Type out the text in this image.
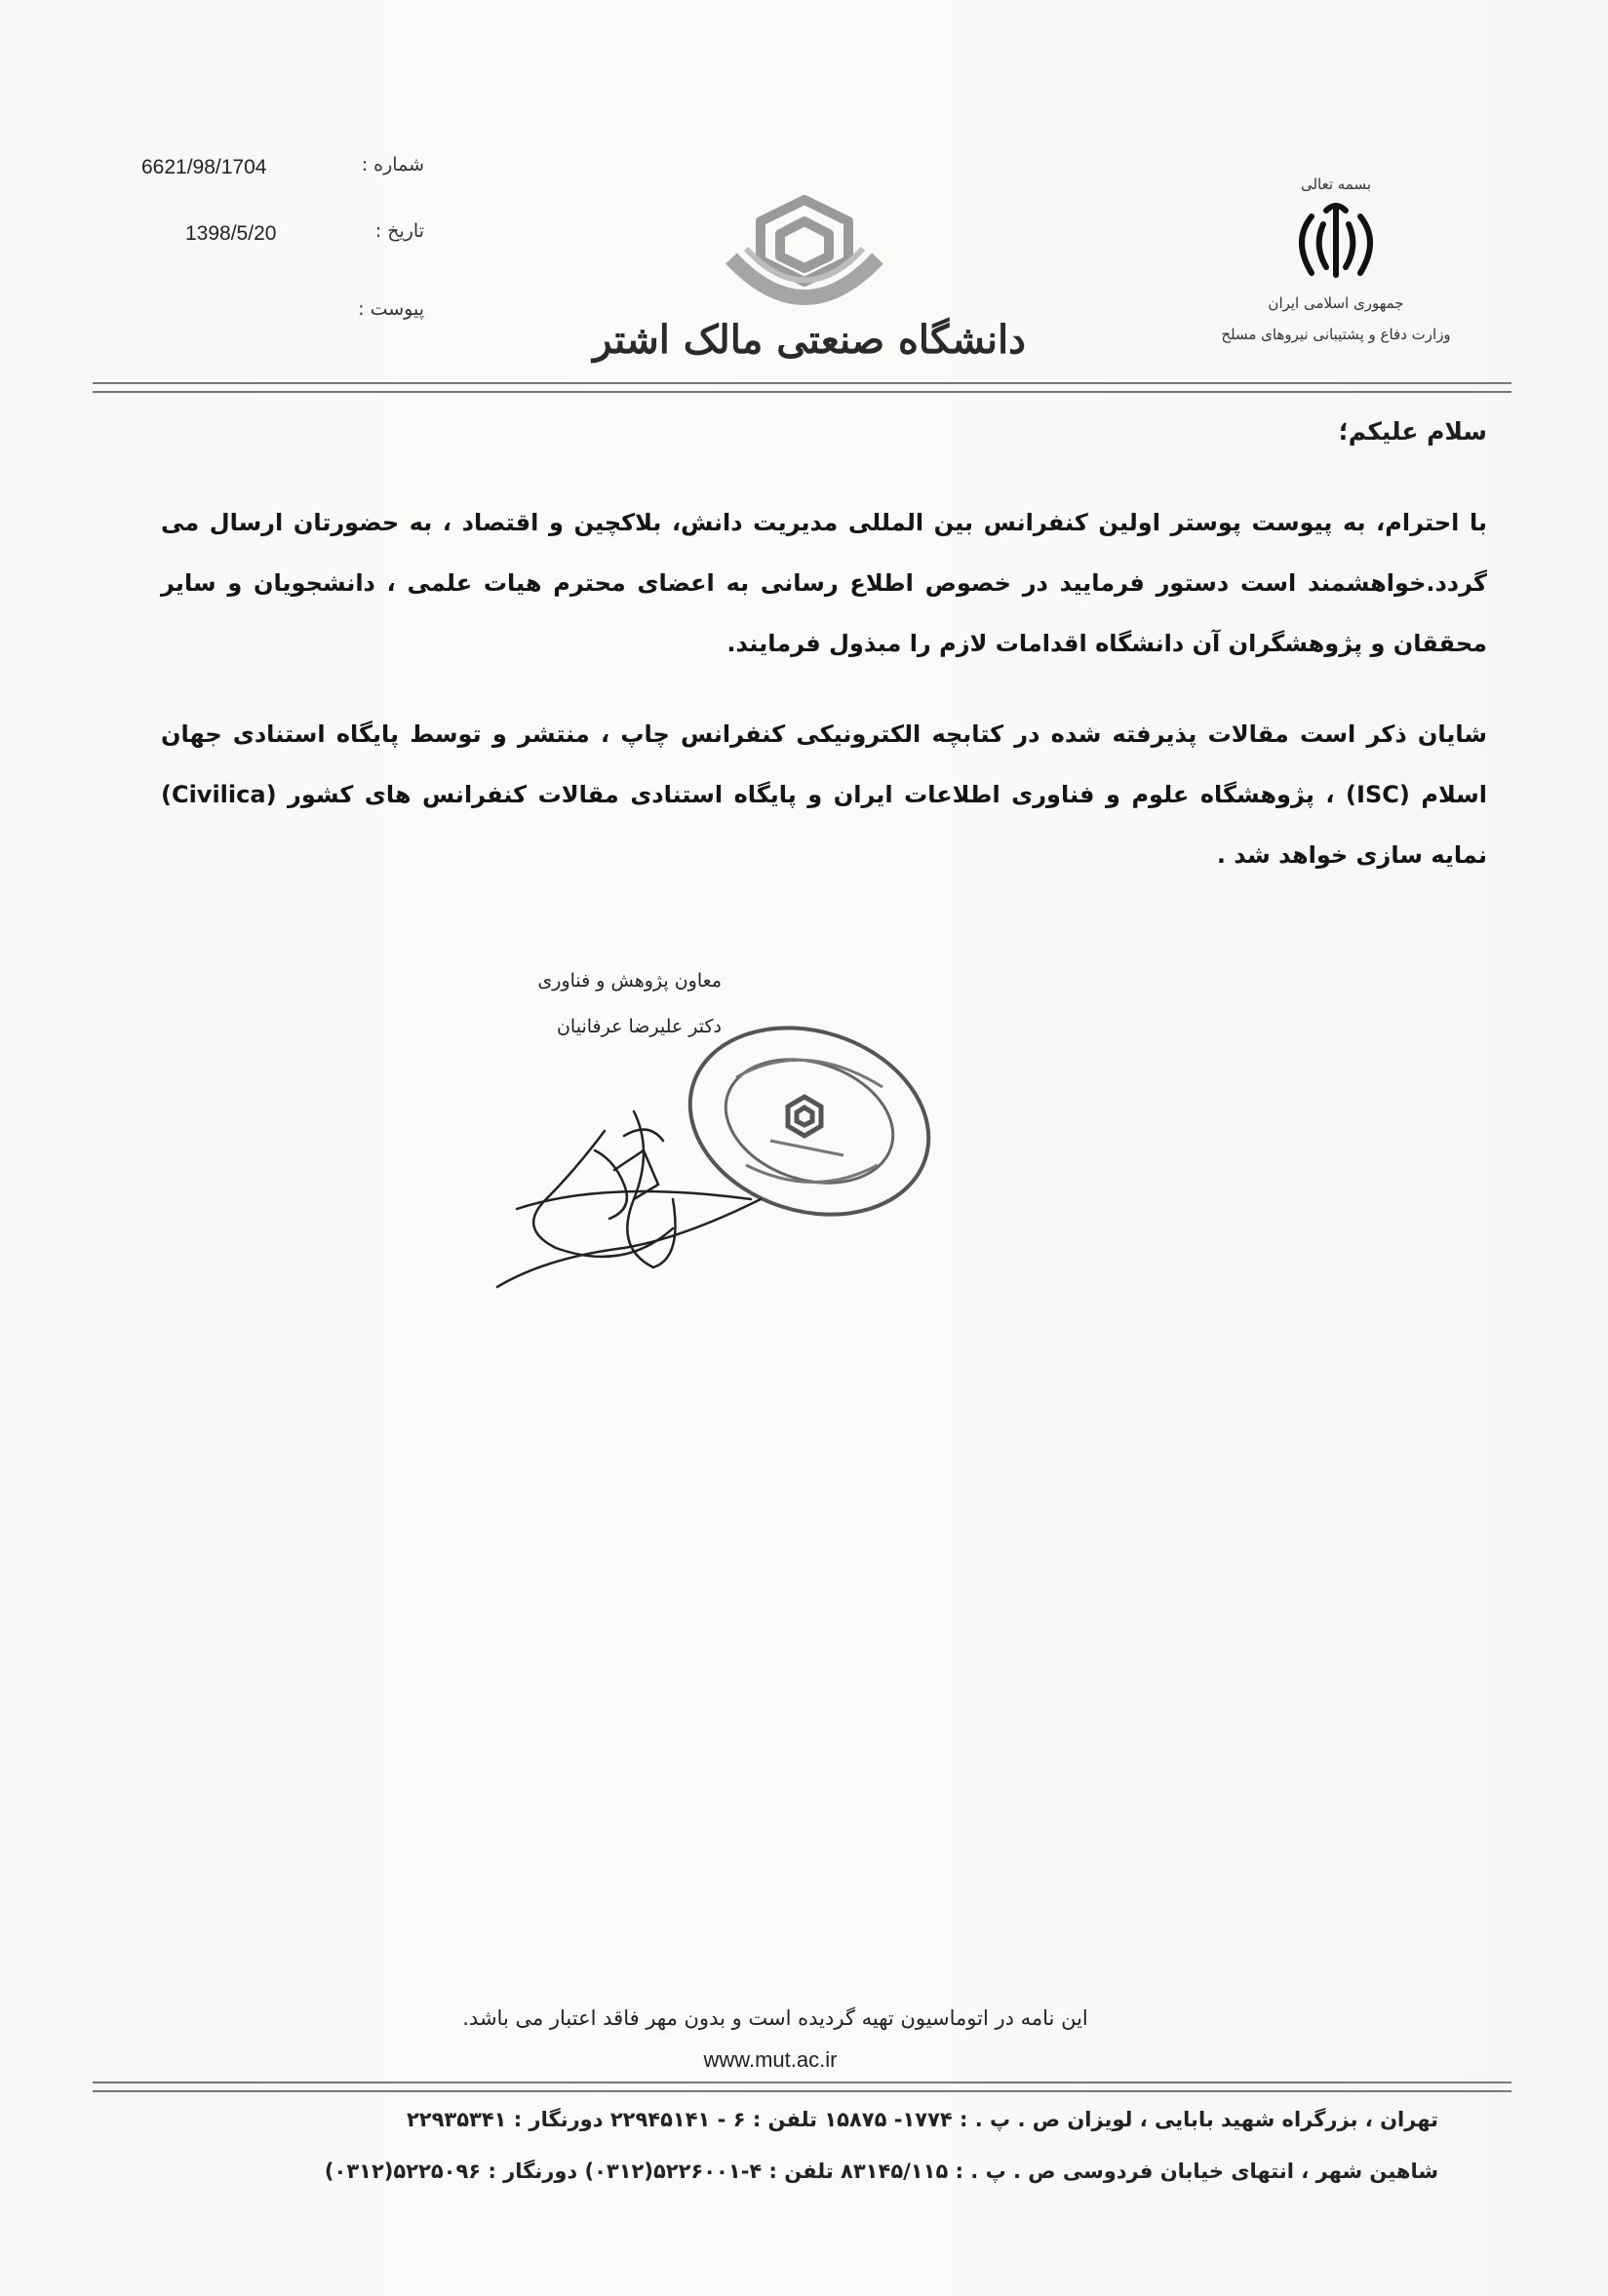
شماره :
6621/98/1704
تاریخ :
1398/5/20
پیوست :
دانشگاه صنعتی مالک اشتر
بسمه تعالی
جمهوری اسلامی ایران
وزارت دفاع و پشتیبانی نیروهای مسلح
سلام علیکم؛
با احترام، به پیوست پوستر اولین کنفرانس بین المللی مدیریت دانش، بلاکچین و اقتصاد ، به حضورتان ارسال می گردد.خواهشمند است دستور فرمایید در خصوص اطلاع رسانی به اعضای محترم هیات علمی ، دانشجویان و سایر محققان و پژوهشگران آن دانشگاه اقدامات لازم را مبذول فرمایند.
شایان ذکر است مقالات پذیرفته شده در کتابچه الکترونیکی کنفرانس چاپ ، منتشر و توسط پایگاه استنادی جهان اسلام (ISC) ، پژوهشگاه علوم و فناوری اطلاعات ایران و پایگاه استنادی مقالات کنفرانس های کشور (Civilica) نمایه سازی خواهد شد .
معاون پژوهش و فناوری
دکتر علیرضا عرفانیان
این نامه در اتوماسیون تهیه گردیده است و بدون مهر فاقد اعتبار می باشد.
www.mut.ac.ir
تهران ، بزرگراه شهید بابایی ، لویزان ص . پ . : ۱۷۷۴- ۱۵۸۷۵ تلفن : ۶ - ۲۲۹۴۵۱۴۱ دورنگار : ۲۲۹۳۵۳۴۱
شاهین شهر ، انتهای خیابان فردوسی ص . پ . : ۸۳۱۴۵/۱۱۵ تلفن : ۴-۵۲۲۶۰۰۱(۰۳۱۲) دورنگار : ۵۲۲۵۰۹۶(۰۳۱۲)
